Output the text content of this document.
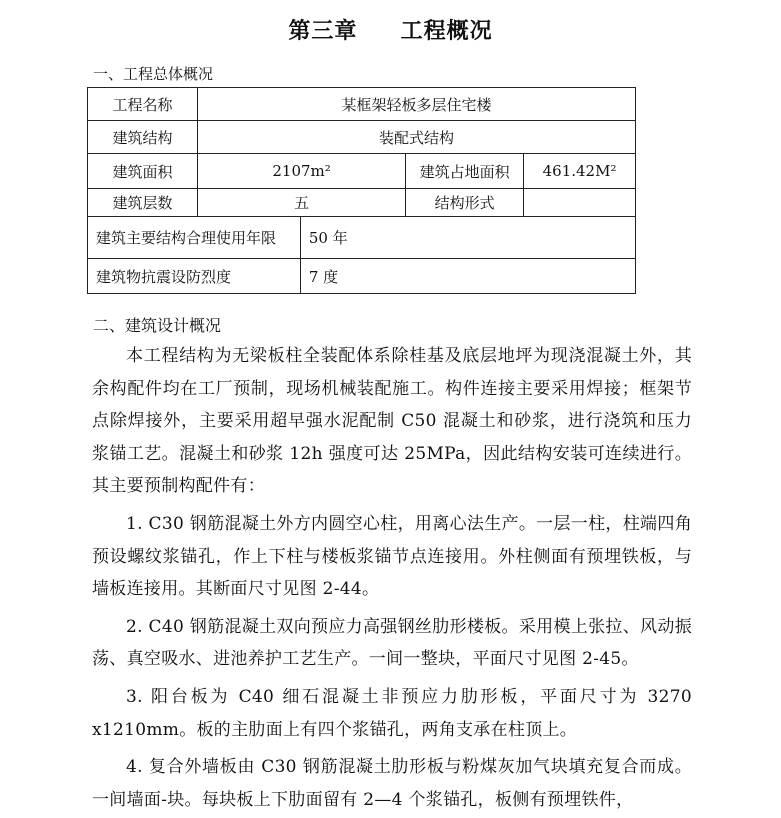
第三章     工程概况
一、工程总体概况
工程名称	某框架轻板多层住宅楼			
建筑结构	装配式结构			
建筑面积	2107m²		建筑占地面积	461.42M²
建筑层数	五		结构形式	
建筑主要结构合理使用年限		50 年		
建筑物抗震设防烈度		7 度		
二、建筑设计概况

本工程结构为无梁板柱全装配体系除桂基及底层地坪为现浇混凝土外，其余构配件均在工厂预制，现场机械装配施工。构件连接主要采用焊接；框架节点除焊接外，主要采用超早强水泥配制 C50 混凝土和砂浆，进行浇筑和压力浆锚工艺。混凝土和砂浆 12h 强度可达 25MPa，因此结构安装可连续进行。其主要预制构配件有：

1. C30 钢筋混凝土外方内圆空心柱，用离心法生产。一层一柱，柱端四角预设螺纹浆锚孔，作上下柱与楼板浆锚节点连接用。外柱侧面有预埋铁板，与墙板连接用。其断面尺寸见图 2-44。

2. C40 钢筋混凝土双向预应力高强钢丝肋形楼板。采用模上张拉、风动振荡、真空吸水、进池养护工艺生产。一间一整块，平面尺寸见图 2-45。

3. 阳台板为 C40 细石混凝土非预应力肋形板，平面尺寸为 3270 x1210mm。板的主肋面上有四个浆锚孔，两角支承在柱顶上。

4. 复合外墙板由 C30 钢筋混凝土肋形板与粉煤灰加气块填充复合而成。一间墙面-块。每块板上下肋面留有 2—4 个浆锚孔，板侧有预埋铁件，
